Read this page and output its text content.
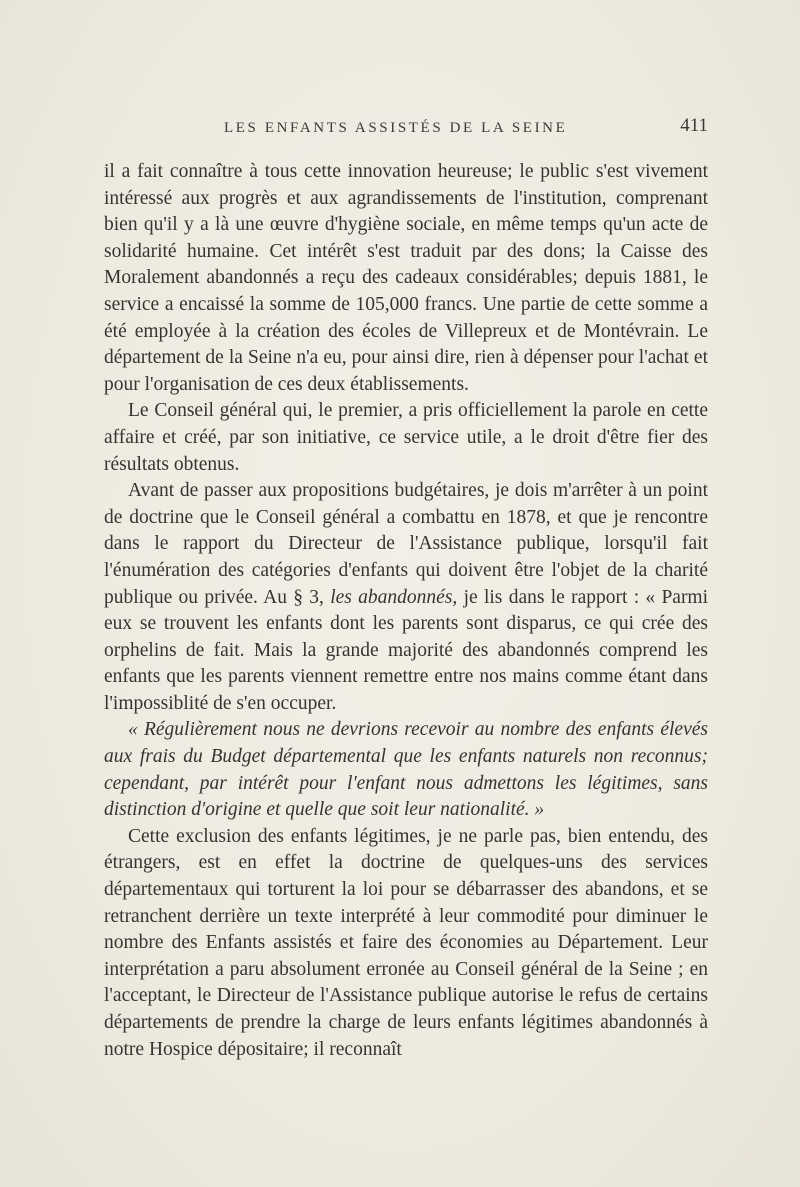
LES ENFANTS ASSISTÉS DE LA SEINE	411

il a fait connaître à tous cette innovation heureuse; le public s'est vivement intéressé aux progrès et aux agrandissements de l'institution, comprenant bien qu'il y a là une œuvre d'hygiène sociale, en même temps qu'un acte de solidarité humaine. Cet intérêt s'est traduit par des dons; la Caisse des Moralement abandonnés a reçu des cadeaux considérables; depuis 1881, le service a encaissé la somme de 105,000 francs. Une partie de cette somme a été employée à la création des écoles de Villepreux et de Montévrain. Le département de la Seine n'a eu, pour ainsi dire, rien à dépenser pour l'achat et pour l'organisation de ces deux établissements.

Le Conseil général qui, le premier, a pris officiellement la parole en cette affaire et créé, par son initiative, ce service utile, a le droit d'être fier des résultats obtenus.

Avant de passer aux propositions budgétaires, je dois m'arrêter à un point de doctrine que le Conseil général a combattu en 1878, et que je rencontre dans le rapport du Directeur de l'Assistance publique, lorsqu'il fait l'énumération des catégories d'enfants qui doivent être l'objet de la charité publique ou privée. Au § 3, les abandonnés, je lis dans le rapport : « Parmi eux se trouvent les enfants dont les parents sont disparus, ce qui crée des orphelins de fait. Mais la grande majorité des abandonnés comprend les enfants que les parents viennent remettre entre nos mains comme étant dans l'impossiblité de s'en occuper.

« Régulièrement nous ne devrions recevoir au nombre des enfants élevés aux frais du Budget départemental que les enfants naturels non reconnus; cependant, par intérêt pour l'enfant nous admettons les légitimes, sans distinction d'origine et quelle que soit leur nationalité. »

Cette exclusion des enfants légitimes, je ne parle pas, bien entendu, des étrangers, est en effet la doctrine de quelques-uns des services départementaux qui torturent la loi pour se débarrasser des abandons, et se retranchent derrière un texte interprété à leur commodité pour diminuer le nombre des Enfants assistés et faire des économies au Département. Leur interprétation a paru absolument erronée au Conseil général de la Seine ; en l'acceptant, le Directeur de l'Assistance publique autorise le refus de certains départements de prendre la charge de leurs enfants légitimes abandonnés à notre Hospice dépositaire; il reconnaît
